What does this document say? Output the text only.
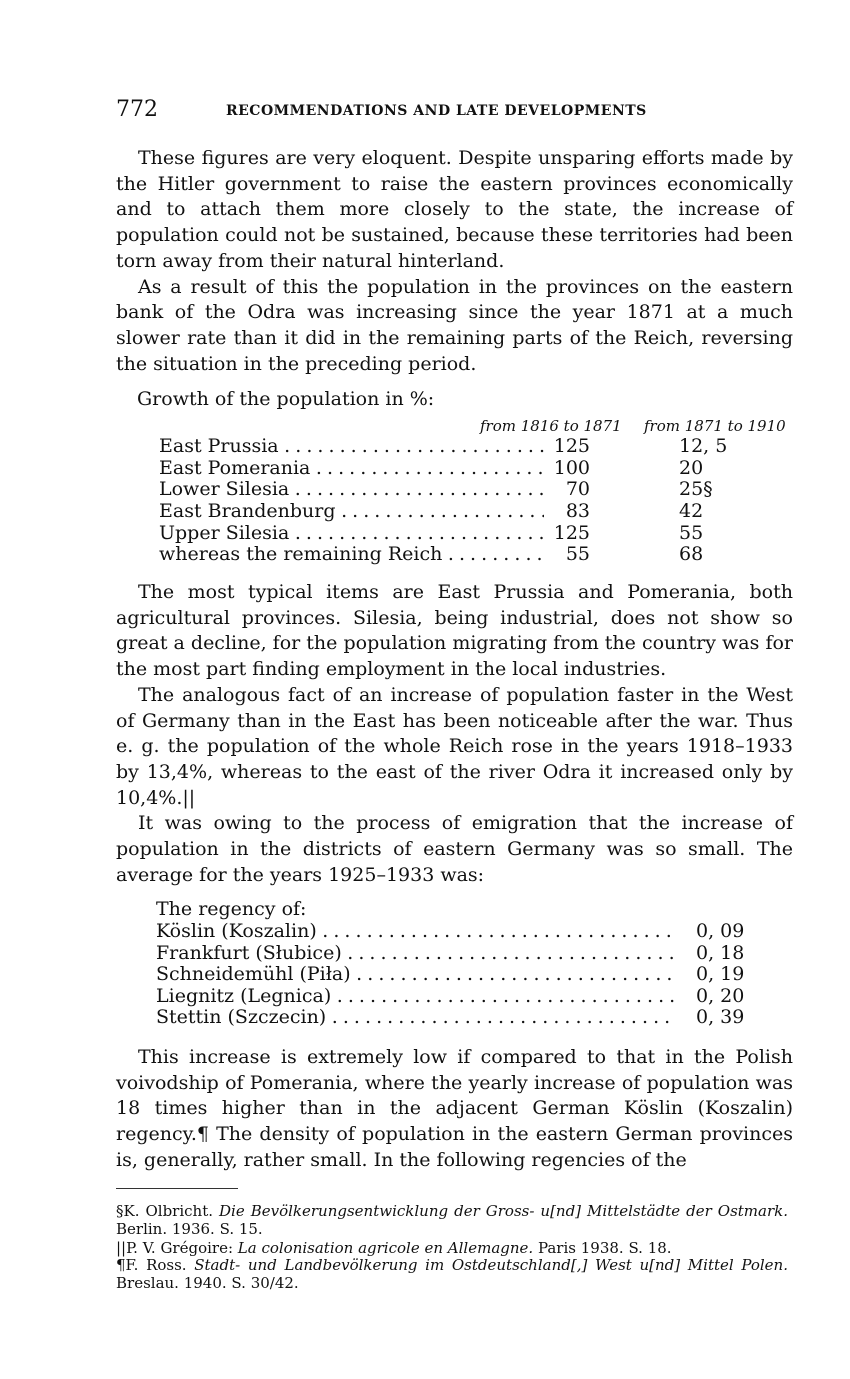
772	RECOMMENDATIONS AND LATE DEVELOPMENTS

These figures are very eloquent. Despite unsparing efforts made by the Hitler government to raise the eastern provinces economically and to attach them more closely to the state, the increase of population could not be sustained, because these territories had been torn away from their natural hinterland.

As a result of this the population in the provinces on the eastern bank of the Odra was increasing since the year 1871 at a much slower rate than it did in the remaining parts of the Reich, reversing the situation in the preceding period.

Growth of the population in %:
from 1816 to 1871 from 1871 to 1910
East Prussia . . .	125	12, 5
East Pomerania . . .	100	20
Lower Silesia . . .	70	25§
East Brandenburg . . .	83	42
Upper Silesia . . .	125	55
whereas the remaining Reich . . .	55	68

The most typical items are East Prussia and Pomerania, both agricultural provinces. Silesia, being industrial, does not show so great a decline, for the population migrating from the country was for the most part finding employment in the local industries.

The analogous fact of an increase of population faster in the West of Germany than in the East has been noticeable after the war. Thus e. g. the population of the whole Reich rose in the years 1918–1933 by 13,4%, whereas to the east of the river Odra it increased only by 10,4%.||

It was owing to the process of emigration that the increase of population in the districts of eastern Germany was so small. The average for the years 1925–1933 was:

The regency of:
Köslin (Koszalin) . . .	0, 09
Frankfurt (Słubice) . . .	0, 18
Schneidemühl (Piła) . . .	0, 19
Liegnitz (Legnica) . . .	0, 20
Stettin (Szczecin) . . .	0, 39

This increase is extremely low if compared to that in the Polish voivodship of Pomerania, where the yearly increase of population was 18 times higher than in the adjacent German Köslin (Koszalin) regency.¶ The density of population in the eastern German provinces is, generally, rather small. In the following regencies of the

§K. Olbricht. Die Bevölkerungsentwicklung der Gross- u[nd] Mittelstädte der Ostmark. Berlin. 1936. S. 15.

||P. V. Grégoire: La colonisation agricole en Allemagne. Paris 1938. S. 18.

¶F. Ross. Stadt- und Landbevölkerung im Ostdeutschland[,] West u[nd] Mittel Polen. Breslau. 1940. S. 30/42.
